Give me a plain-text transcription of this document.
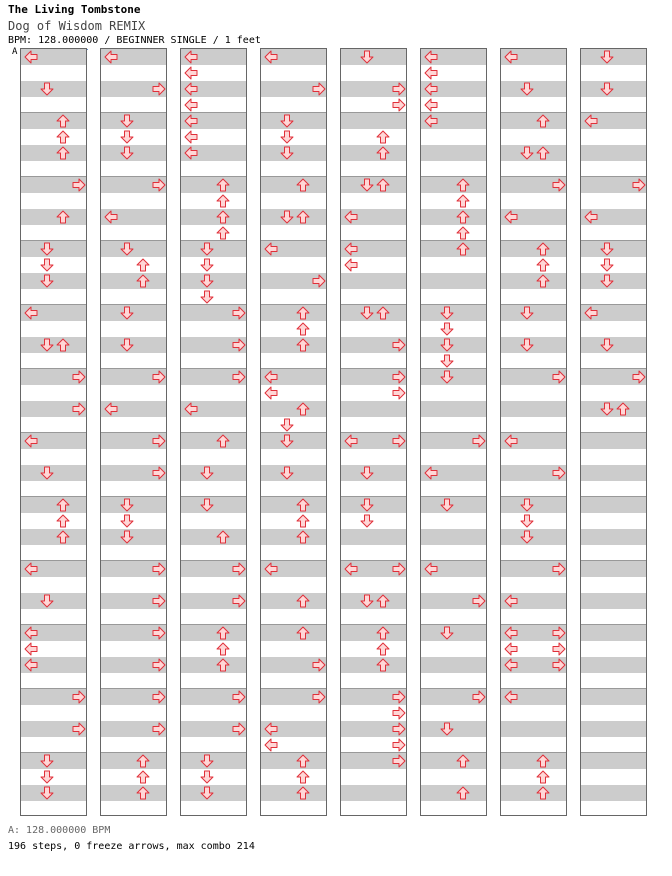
The Living Tombstone
Dog of Wisdom REMIX
BPM: 128.000000 / BEGINNER SINGLE / 1 feet
A
A: 128.000000 BPM
196 steps, 0 freeze arrows, max combo 214
